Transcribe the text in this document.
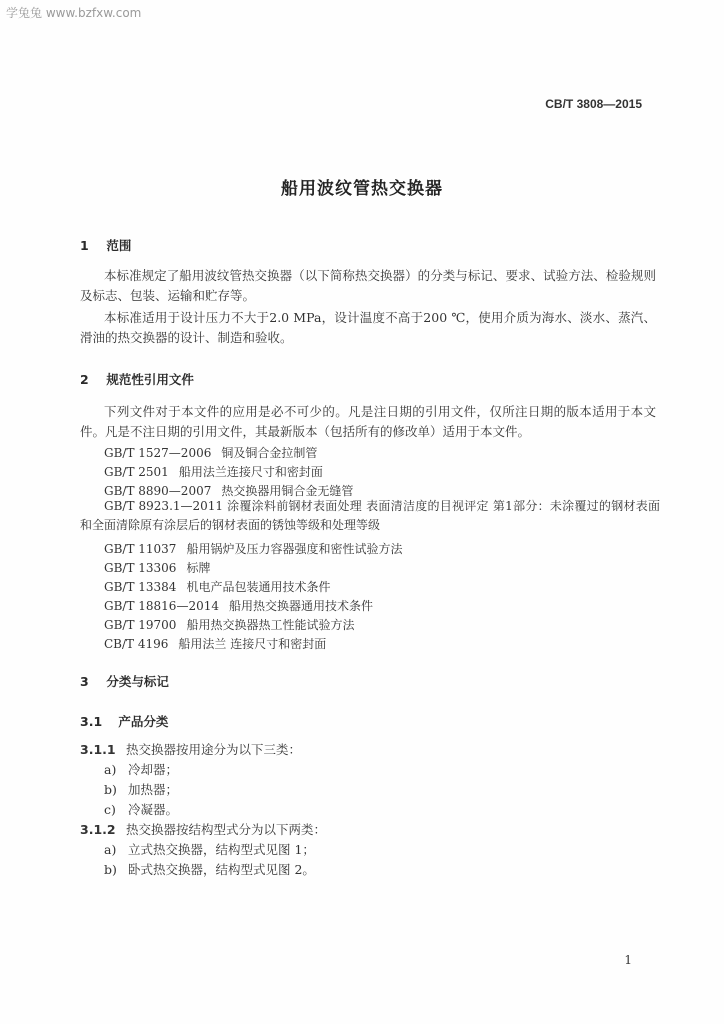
学兔兔 www.bzfxw.com
CB/T 3808—2015
船用波纹管热交换器
1 范围
本标准规定了船用波纹管热交换器（以下简称热交换器）的分类与标记、要求、试验方法、检验规则及标志、包装、运输和贮存等。
本标准适用于设计压力不大于2.0 MPa，设计温度不高于200 ℃，使用介质为海水、淡水、蒸汽、滑油的热交换器的设计、制造和验收。
2 规范性引用文件
下列文件对于本文件的应用是必不可少的。凡是注日期的引用文件，仅所注日期的版本适用于本文件。凡是不注日期的引用文件，其最新版本（包括所有的修改单）适用于本文件。
GB/T 1527—2006 铜及铜合金拉制管
GB/T 2501 船用法兰连接尺寸和密封面
GB/T 8890—2007 热交换器用铜合金无缝管
GB/T 8923.1—2011 涂覆涂料前钢材表面处理 表面清洁度的目视评定 第1部分：未涂覆过的钢材表面和全面清除原有涂层后的钢材表面的锈蚀等级和处理等级
GB/T 11037 船用锅炉及压力容器强度和密性试验方法
GB/T 13306 标牌
GB/T 13384 机电产品包装通用技术条件
GB/T 18816—2014 船用热交换器通用技术条件
GB/T 19700 船用热交换器热工性能试验方法
CB/T 4196 船用法兰 连接尺寸和密封面
3 分类与标记
3.1 产品分类
3.1.1 热交换器按用途分为以下三类：
a) 冷却器；
b) 加热器；
c) 冷凝器。
3.1.2 热交换器按结构型式分为以下两类：
a) 立式热交换器，结构型式见图 1；
b) 卧式热交换器，结构型式见图 2。
1
